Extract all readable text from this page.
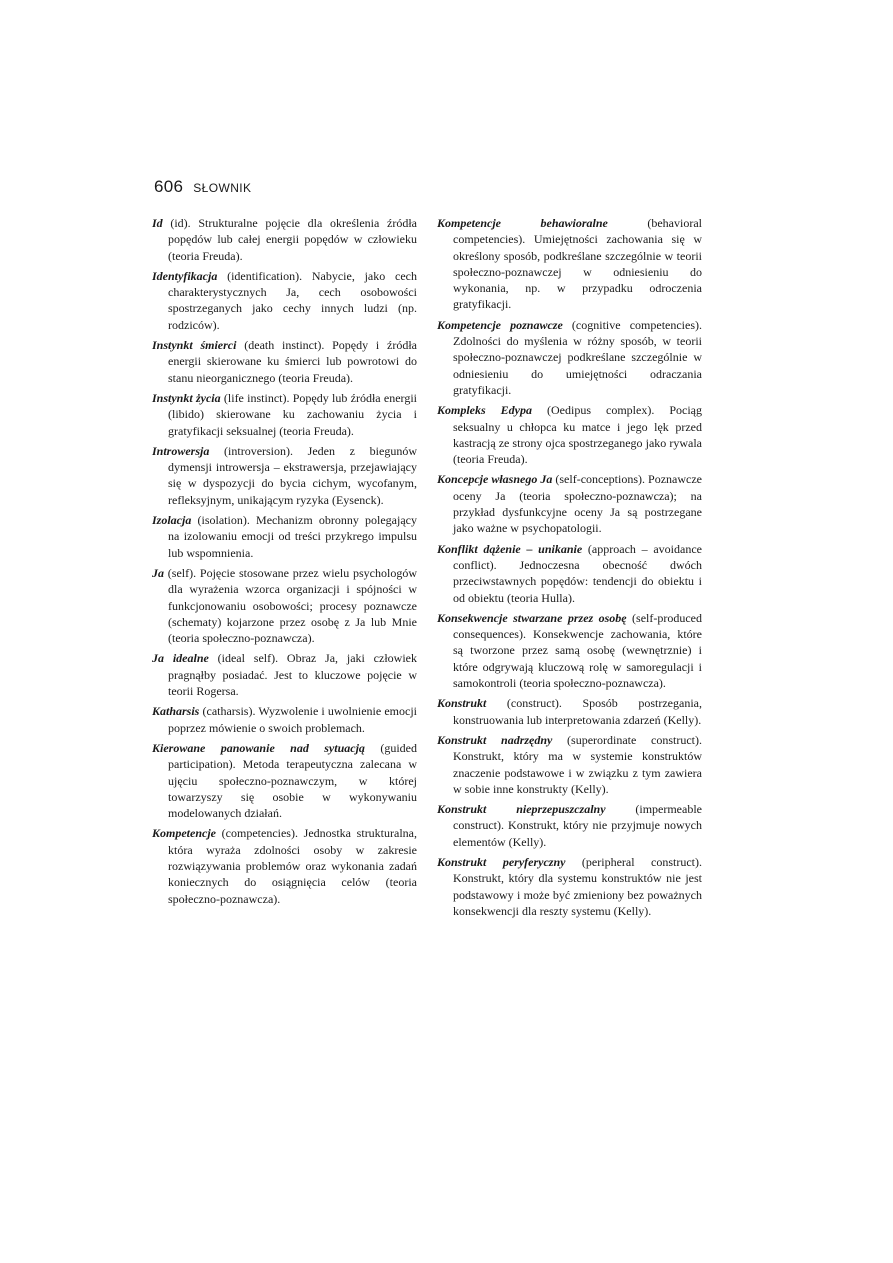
606 SŁOWNIK

Id (id). Strukturalne pojęcie dla określenia źródła popędów lub całej energii popędów w człowieku (teoria Freuda).

Identyfikacja (identification). Nabycie, jako cech charakterystycznych Ja, cech osobowości spostrzeganych jako cechy innych ludzi (np. rodziców).

Instynkt śmierci (death instinct). Popędy i źródła energii skierowane ku śmierci lub powrotowi do stanu nieorganicznego (teoria Freuda).

Instynkt życia (life instinct). Popędy lub źródła energii (libido) skierowane ku zachowaniu życia i gratyfikacji seksualnej (teoria Freuda).

Introwersja (introversion). Jeden z biegunów dymensji introwersja – ekstrawersja, przejawiający się w dyspozycji do bycia cichym, wycofanym, refleksyjnym, unikającym ryzyka (Eysenck).

Izolacja (isolation). Mechanizm obronny polegający na izolowaniu emocji od treści przykrego impulsu lub wspomnienia.

Ja (self). Pojęcie stosowane przez wielu psychologów dla wyrażenia wzorca organizacji i spójności w funkcjonowaniu osobowości; procesy poznawcze (schematy) kojarzone przez osobę z Ja lub Mnie (teoria społeczno-poznawcza).

Ja idealne (ideal self). Obraz Ja, jaki człowiek pragnąłby posiadać. Jest to kluczowe pojęcie w teorii Rogersa.

Katharsis (catharsis). Wyzwolenie i uwolnienie emocji poprzez mówienie o swoich problemach.

Kierowane panowanie nad sytuacją (guided participation). Metoda terapeutyczna zalecana w ujęciu społeczno-poznawczym, w której towarzyszy się osobie w wykonywaniu modelowanych działań.

Kompetencje (competencies). Jednostka strukturalna, która wyraża zdolności osoby w zakresie rozwiązywania problemów oraz wykonania zadań koniecznych do osiągnięcia celów (teoria społeczno-poznawcza).

Kompetencje behawioralne (behavioral competencies). Umiejętności zachowania się w określony sposób, podkreślane szczególnie w teorii społeczno-poznawczej w odniesieniu do wykonania, np. w przypadku odroczenia gratyfikacji.

Kompetencje poznawcze (cognitive competencies). Zdolności do myślenia w różny sposób, w teorii społeczno-poznawczej podkreślane szczególnie w odniesieniu do umiejętności odraczania gratyfikacji.

Kompleks Edypa (Oedipus complex). Pociąg seksualny u chłopca ku matce i jego lęk przed kastracją ze strony ojca spostrzeganego jako rywala (teoria Freuda).

Koncepcje własnego Ja (self-conceptions). Poznawcze oceny Ja (teoria społeczno-poznawcza); na przykład dysfunkcyjne oceny Ja są postrzegane jako ważne w psychopatologii.

Konflikt dążenie – unikanie (approach – avoidance conflict). Jednoczesna obecność dwóch przeciwstawnych popędów: tendencji do obiektu i od obiektu (teoria Hulla).

Konsekwencje stwarzane przez osobę (self-produced consequences). Konsekwencje zachowania, które są tworzone przez samą osobę (wewnętrznie) i które odgrywają kluczową rolę w samoregulacji i samokontroli (teoria społeczno-poznawcza).

Konstrukt (construct). Sposób postrzegania, konstruowania lub interpretowania zdarzeń (Kelly).

Konstrukt nadrzędny (superordinate construct). Konstrukt, który ma w systemie konstruktów znaczenie podstawowe i w związku z tym zawiera w sobie inne konstrukty (Kelly).

Konstrukt nieprzepuszczalny (impermeable construct). Konstrukt, który nie przyjmuje nowych elementów (Kelly).

Konstrukt peryferyczny (peripheral construct). Konstrukt, który dla systemu konstruktów nie jest podstawowy i może być zmieniony bez poważnych konsekwencji dla reszty systemu (Kelly).
